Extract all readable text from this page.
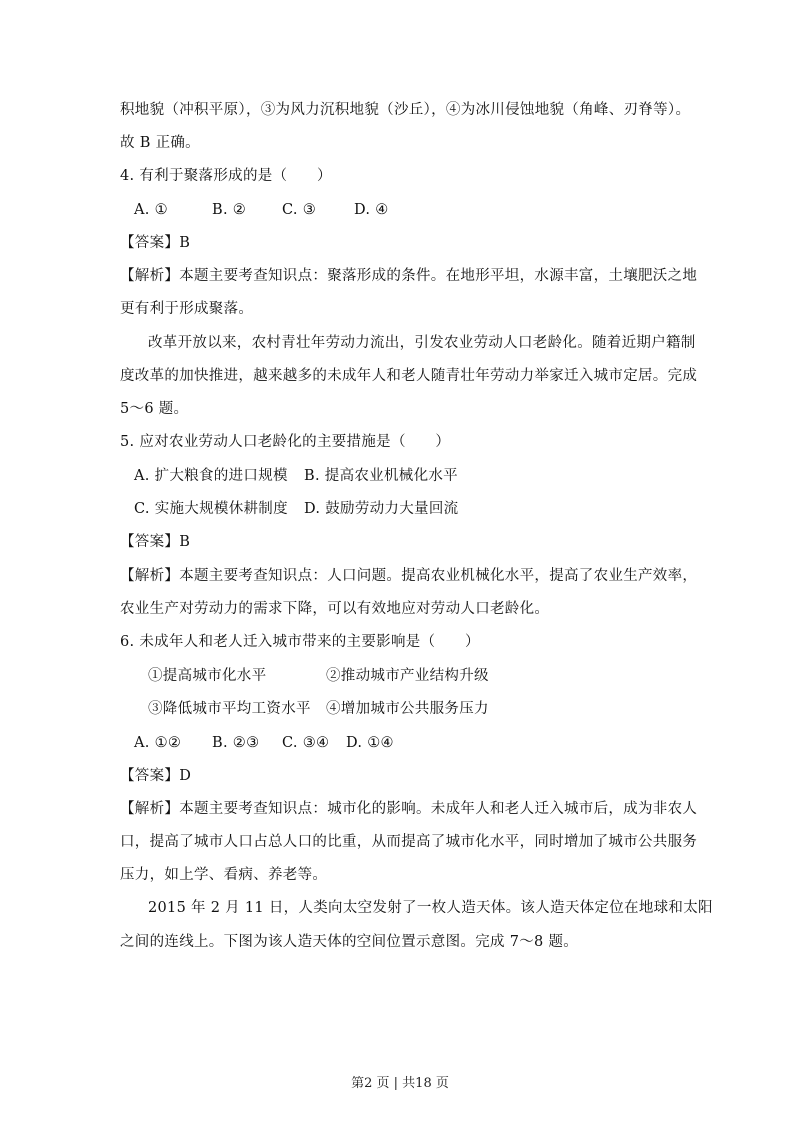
积地貌（冲积平原），③为风力沉积地貌（沙丘），④为冰川侵蚀地貌（角峰、刃脊等）。
故 B 正确。
4. 有利于聚落形成的是（　　）
A. ①	B. ② C. ③	D. ④
【答案】B
【解析】本题主要考查知识点：聚落形成的条件。在地形平坦，水源丰富，土壤肥沃之地
更有利于形成聚落。
改革开放以来，农村青壮年劳动力流出，引发农业劳动人口老龄化。随着近期户籍制
度改革的加快推进，越来越多的未成年人和老人随青壮年劳动力举家迁入城市定居。完成
5～6 题。
5. 应对农业劳动人口老龄化的主要措施是（　　）
A. 扩大粮食的进口规模 B. 提高农业机械化水平
C. 实施大规模休耕制度 D. 鼓励劳动力大量回流
【答案】B
【解析】本题主要考查知识点：人口问题。提高农业机械化水平，提高了农业生产效率，
农业生产对劳动力的需求下降，可以有效地应对劳动人口老龄化。
6. 未成年人和老人迁入城市带来的主要影响是（　　）
①提高城市化水平	②推动城市产业结构升级
③降低城市平均工资水平 ④增加城市公共服务压力
A. ①② B. ②③ C. ③④ D. ①④
【答案】D
【解析】本题主要考查知识点：城市化的影响。未成年人和老人迁入城市后，成为非农人
口，提高了城市人口占总人口的比重，从而提高了城市化水平，同时增加了城市公共服务
压力，如上学、看病、养老等。
2015 年 2 月 11 日，人类向太空发射了一枚人造天体。该人造天体定位在地球和太阳
之间的连线上。下图为该人造天体的空间位置示意图。完成 7～8 题。
第2 页 | 共18 页
